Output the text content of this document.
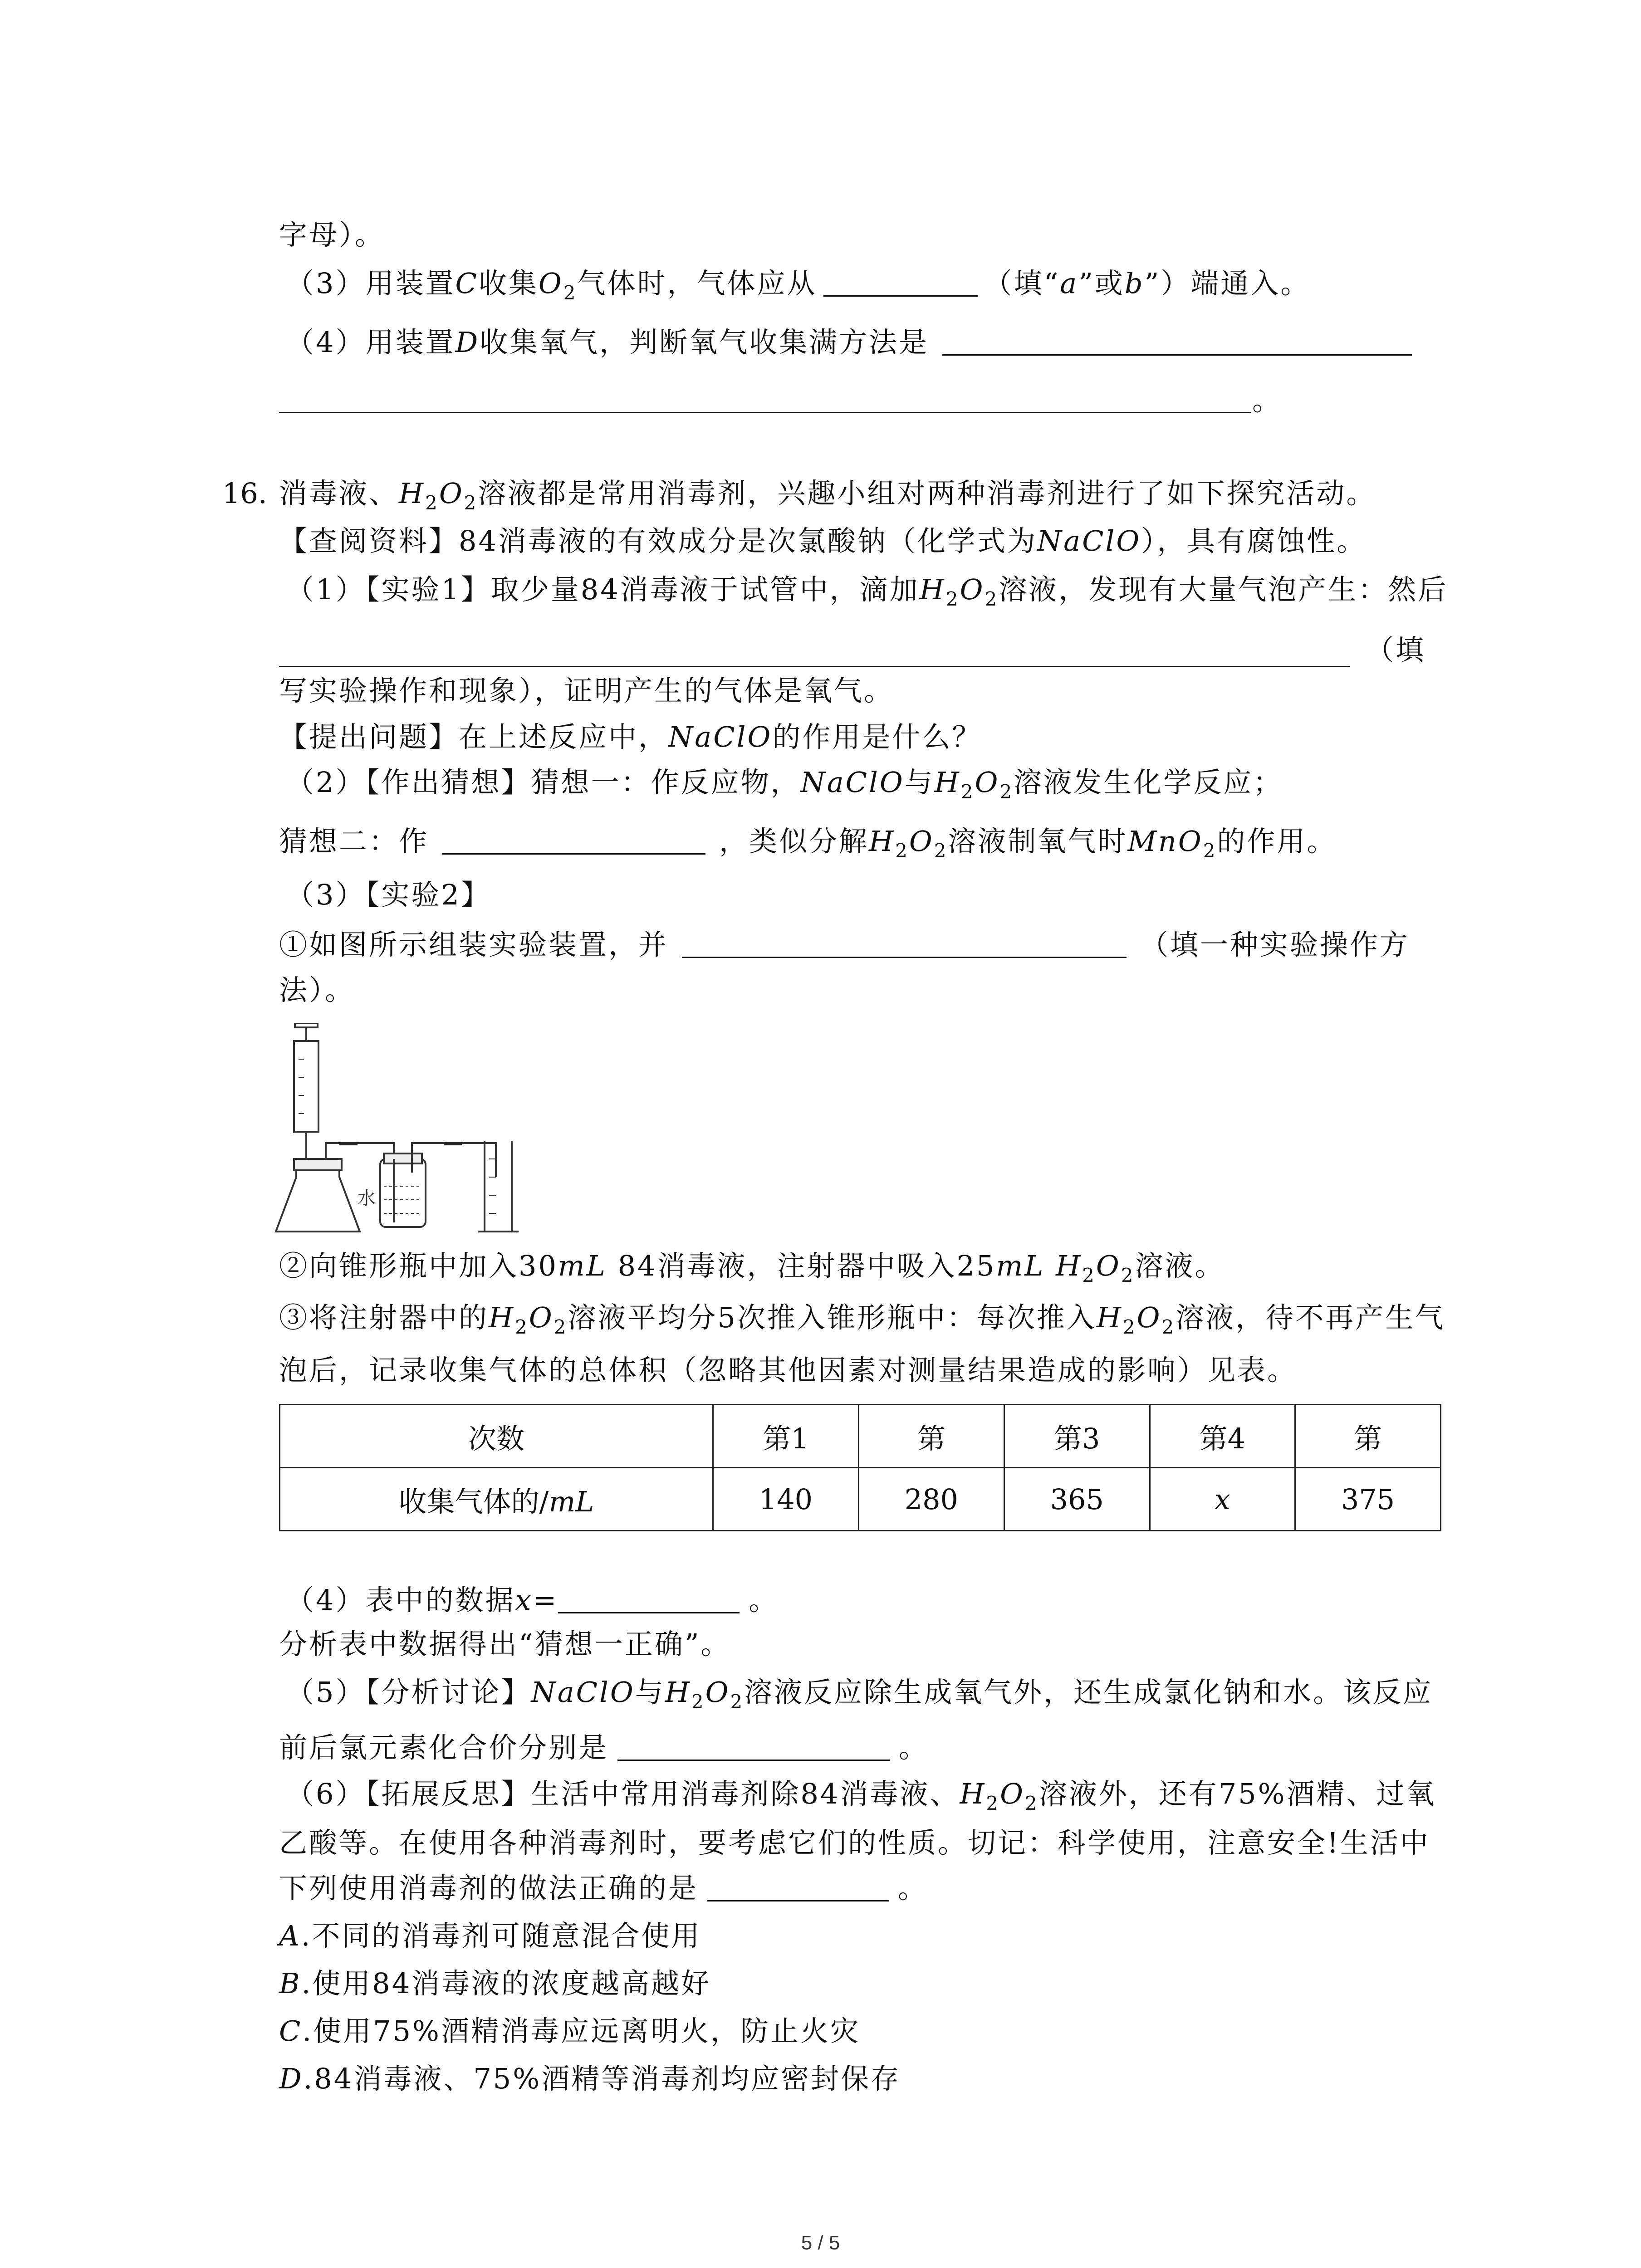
字母）。
（3）用装置C收集$O_2$气体时，气体应从	（填“a”或b”）端通入。
（4）用装置D收集氧气，判断氧气收集满方法是
。
16. 消毒液、$H_2O_2$溶液都是常用消毒剂，兴趣小组对两种消毒剂进行了如下探究活动。
【查阅资料】84消毒液的有效成分是次氯酸钠（化学式为NaClO），具有腐蚀性。
（1）【实验1】取少量84消毒液于试管中，滴加$H_2O_2$溶液，发现有大量气泡产生：然后
（填
写实验操作和现象），证明产生的气体是氧气。
【提出问题】在上述反应中，NaClO的作用是什么？
（2）【作出猜想】猜想一：作反应物，NaClO与$H_2O_2$溶液发生化学反应；
猜想二：作	，类似分解$H_2O_2$溶液制氧气时MnO$_2$的作用。
（3）【实验2】
①如图所示组装实验装置，并	（填一种实验操作方
法）。
水
②向锥形瓶中加入30mL 84消毒液，注射器中吸入25mL $H_2O_2$溶液。
③将注射器中的$H_2O_2$溶液平均分5次推入锥形瓶中：每次推入$H_2O_2$溶液，待不再产生气
泡后，记录收集气体的总体积（忽略其他因素对测量结果造成的影响）见表。
次数	第1	第	第3	第4	第
收集气体的/mL	140	280	365	x	375
（4）表中的数据x=	。
分析表中数据得出“猜想一正确”。
（5）【分析讨论】NaClO与$H_2O_2$溶液反应除生成氧气外，还生成氯化钠和水。该反应
前后氯元素化合价分别是	。
（6）【拓展反思】生活中常用消毒剂除84消毒液、$H_2O_2$溶液外，还有75%酒精、过氧
乙酸等。在使用各种消毒剂时，要考虑它们的性质。切记：科学使用，注意安全!生活中
下列使用消毒剂的做法正确的是	。
A.不同的消毒剂可随意混合使用
B.使用84消毒液的浓度越高越好
C.使用75%酒精消毒应远离明火，防止火灾
D.84消毒液、75%酒精等消毒剂均应密封保存
5 / 5
